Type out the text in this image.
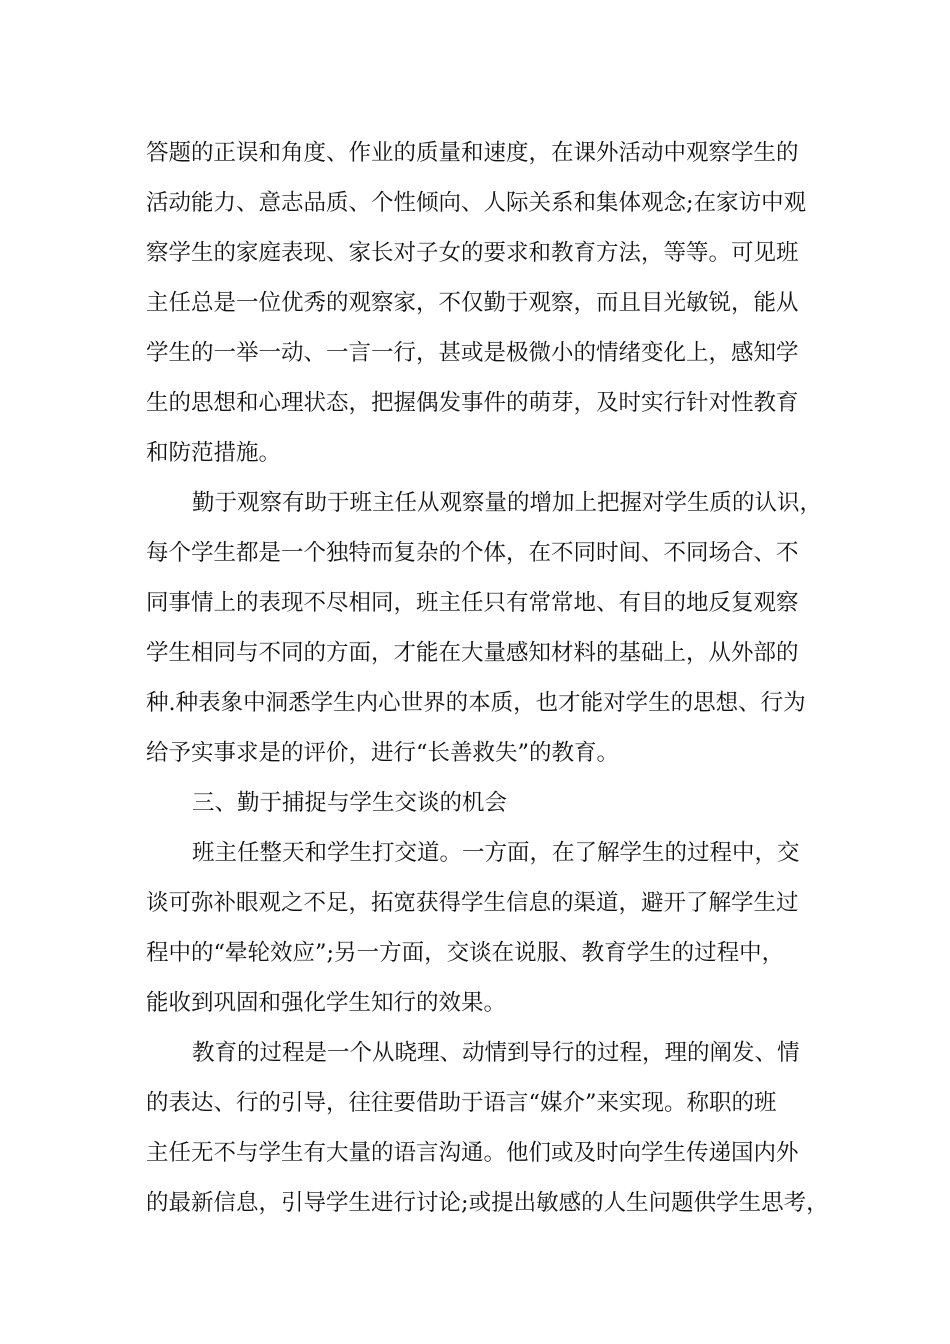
答题的正误和角度、作业的质量和速度，在课外活动中观察学生的
活动能力、意志品质、个性倾向、人际关系和集体观念;在家访中观
察学生的家庭表现、家长对子女的要求和教育方法，等等。可见班
主任总是一位优秀的观察家，不仅勤于观察，而且目光敏锐，能从
学生的一举一动、一言一行，甚或是极微小的情绪变化上，感知学
生的思想和心理状态，把握偶发事件的萌芽，及时实行针对性教育
和防范措施。
勤于观察有助于班主任从观察量的增加上把握对学生质的认识，
每个学生都是一个独特而复杂的个体，在不同时间、不同场合、不
同事情上的表现不尽相同，班主任只有常常地、有目的地反复观察
学生相同与不同的方面，才能在大量感知材料的基础上，从外部的
种.种表象中洞悉学生内心世界的本质，也才能对学生的思想、行为
给予实事求是的评价，进行“长善救失”的教育。
三、勤于捕捉与学生交谈的机会
班主任整天和学生打交道。一方面，在了解学生的过程中，交
谈可弥补眼观之不足，拓宽获得学生信息的渠道，避开了解学生过
程中的“晕轮效应”;另一方面，交谈在说服、教育学生的过程中，
能收到巩固和强化学生知行的效果。
教育的过程是一个从晓理、动情到导行的过程，理的阐发、情
的表达、行的引导，往往要借助于语言“媒介”来实现。称职的班
主任无不与学生有大量的语言沟通。他们或及时向学生传递国内外
的最新信息，引导学生进行讨论;或提出敏感的人生问题供学生思考，
